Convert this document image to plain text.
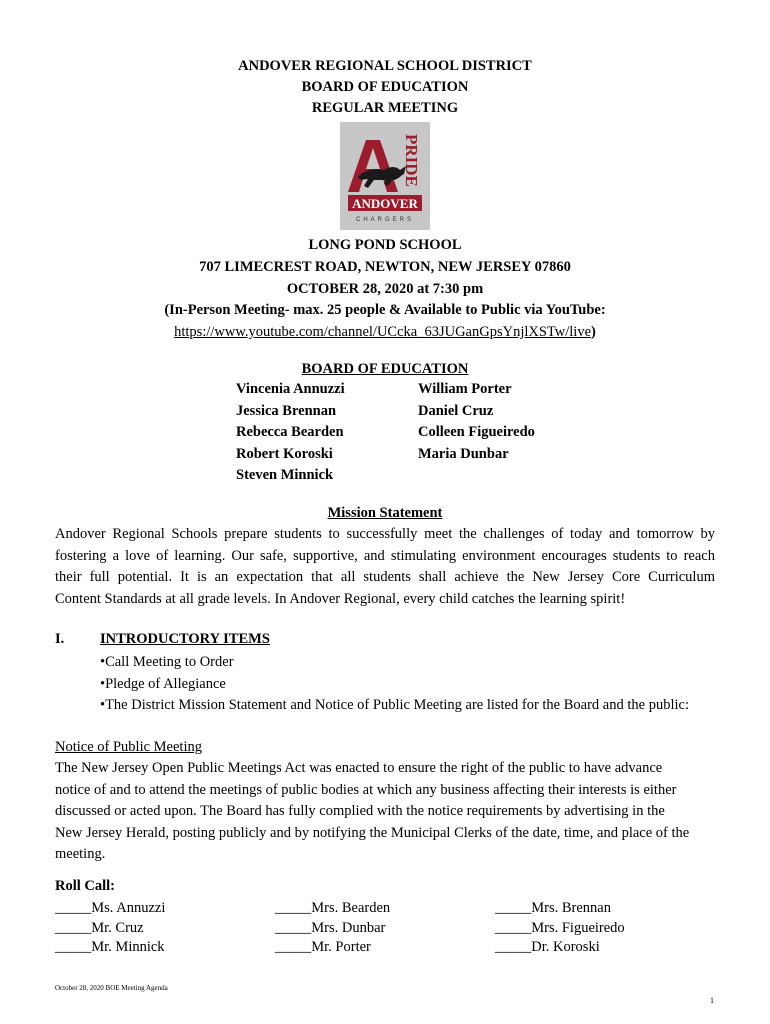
ANDOVER REGIONAL SCHOOL DISTRICT
BOARD OF EDUCATION
REGULAR MEETING
PRIDE
ANDOVER
CHARGERS
LONG POND SCHOOL
707 LIMECREST ROAD, NEWTON, NEW JERSEY 07860
OCTOBER 28, 2020 at 7:30 pm
(In-Person Meeting- max. 25 people & Available to Public via YouTube:
https://www.youtube.com/channel/UCcka_63JUGanGpsYnjlXSTw/live)
BOARD OF EDUCATION
Vincenia Annuzzi
Jessica Brennan
Rebecca Bearden
Robert Koroski
Steven Minnick
William Porter
Daniel Cruz
Colleen Figueiredo
Maria Dunbar
Mission Statement
Andover Regional Schools prepare students to successfully meet the challenges of today and tomorrow by
fostering a love of learning. Our safe, supportive, and stimulating environment encourages students to reach
their full potential. It is an expectation that all students shall achieve the New Jersey Core Curriculum
Content Standards at all grade levels. In Andover Regional, every child catches the learning spirit!
I. INTRODUCTORY ITEMS
•Call Meeting to Order
•Pledge of Allegiance
•The District Mission Statement and Notice of Public Meeting are listed for the Board and the public:
Notice of Public Meeting
The New Jersey Open Public Meetings Act was enacted to ensure the right of the public to have advance
notice of and to attend the meetings of public bodies at which any business affecting their interests is either
discussed or acted upon. The Board has fully complied with the notice requirements by advertising in the
New Jersey Herald, posting publicly and by notifying the Municipal Clerks of the date, time, and place of the
meeting.
Roll Call:
_____Ms. Annuzzi
_____Mr. Cruz
_____Mr. Minnick
_____Mrs. Bearden
_____Mrs. Dunbar
_____Mr. Porter
_____Mrs. Brennan
_____Mrs. Figueiredo
_____Dr. Koroski
October 28, 2020 BOE Meeting Agenda
1
